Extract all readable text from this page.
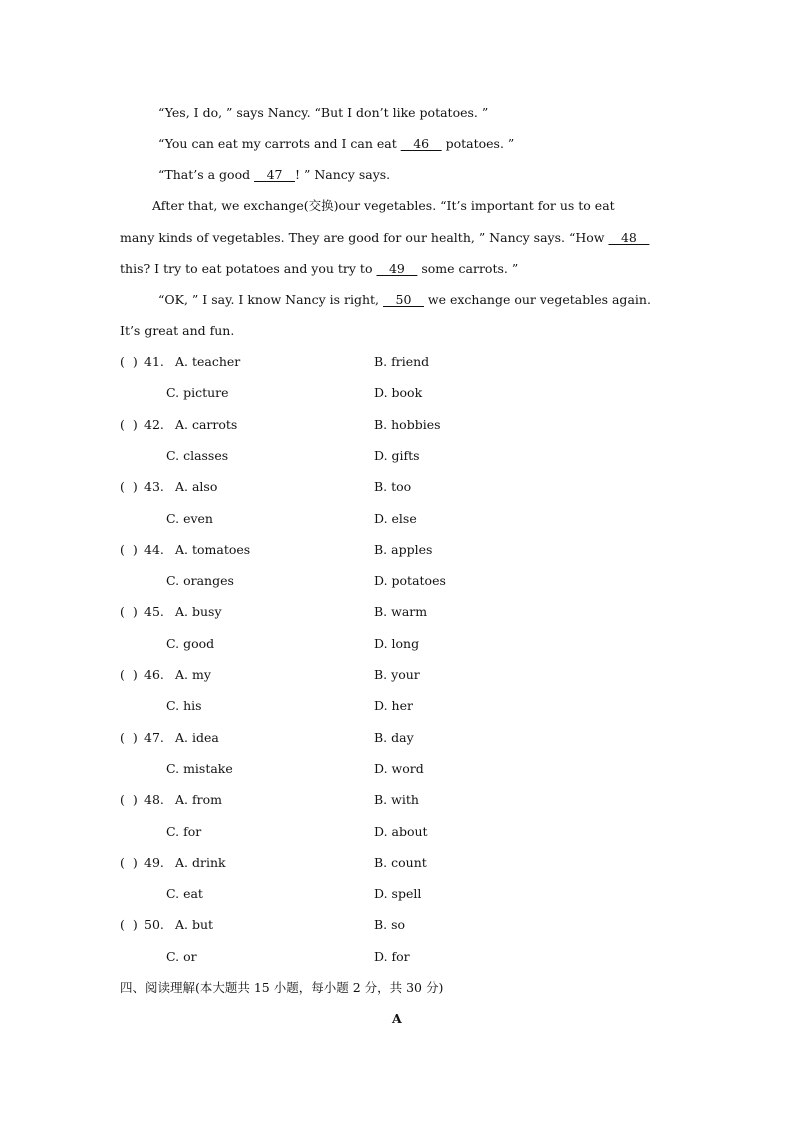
“Yes, I do, ” says Nancy. “But I don’t like potatoes. ”
“You can eat my carrots and I can eat __46__ potatoes. ”
“That’s a good __47__! ” Nancy says.
After that, we exchange(交换)our vegetables. “It’s important for us to eat
many kinds of vegetables. They are good for our health, ” Nancy says. “How __48__
this? I try to eat potatoes and you try to __49__ some carrots. ”
“OK, ” I say. I know Nancy is right, __50__ we exchange our vegetables again.
It’s great and fun.
(  ) 41. A. teacher	B. friend
C. picture	D. book
(  ) 42. A. carrots	B. hobbies
C. classes	D. gifts
(  ) 43. A. also	B. too
C. even	D. else
(  ) 44. A. tomatoes	B. apples
C. oranges	D. potatoes
(  ) 45. A. busy	B. warm
C. good	D. long
(  ) 46. A. my	B. your
C. his	D. her
(  ) 47. A. idea	B. day
C. mistake	D. word
(  ) 48. A. from	B. with
C. for	D. about
(  ) 49. A. drink	B. count
C. eat	D. spell
(  ) 50. A. but	B. so
C. or	D. for
四、阅读理解(本大题共 15 小题，每小题 2 分，共 30 分)
A
